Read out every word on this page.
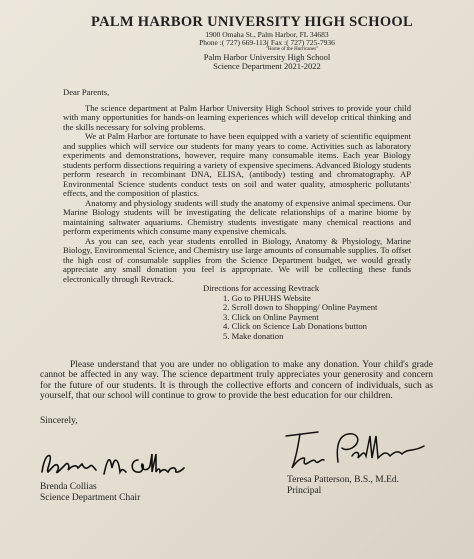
PALM HARBOR UNIVERSITY HIGH SCHOOL
1900 Omaha St., Palm Harbor, FL 34683
Phone :( 727) 669-113( Fax :( 727) 725-7936
"Home of the Hurricanes"
Palm Harbor University High School
Science Department 2021-2022

Dear Parents,

The science department at Palm Harbor University High School strives to provide your child with many opportunities for hands-on learning experiences which will develop critical thinking and the skills necessary for solving problems.

We at Palm Harbor are fortunate to have been equipped with a variety of scientific equipment and supplies which will service our students for many years to come. Activities such as laboratory experiments and demonstrations, however, require many consumable items. Each year Biology students perform dissections requiring a variety of expensive specimens. Advanced Biology students perform research in recombinant DNA, ELISA, (antibody) testing and chromatography. AP Environmental Science students conduct tests on soil and water quality, atmospheric pollutants' effects, and the composition of plastics.

Anatomy and physiology students will study the anatomy of expensive animal specimens. Our Marine Biology students will be investigating the delicate relationships of a marine biome by maintaining saltwater aquariums. Chemistry students investigate many chemical reactions and perform experiments which consume many expensive chemicals.

As you can see, each year students enrolled in Biology, Anatomy & Physiology, Marine Biology, Environmental Science, and Chemistry use large amounts of consumable supplies. To offset the high cost of consumable supplies from the Science Department budget, we would greatly appreciate any small donation you feel is appropriate. We will be collecting these funds electronically through Revtrack.

Directions for accessing Revtrack

1. Go to PHUHS Website
2. Scroll down to Shopping/ Online Payment
3. Click on Online Payment
4. Click on Science Lab Donations button
5. Make donation

Please understand that you are under no obligation to make any donation. Your child's grade cannot be affected in any way. The science department truly appreciates your generosity and concern for the future of our students. It is through the collective efforts and concern of individuals, such as yourself, that our school will continue to grow to provide the best education for our children.

Sincerely,
Brenda Collias
Science Department Chair
Teresa Patterson, B.S., M.Ed.
Principal
